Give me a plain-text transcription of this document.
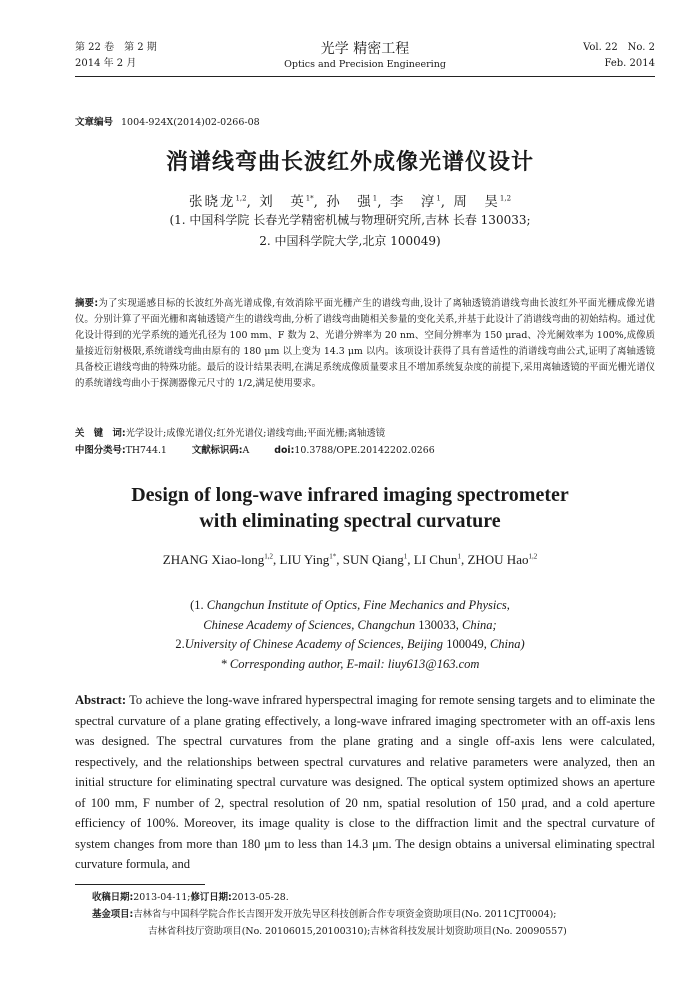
第 22 卷　第 2 期
2014 年 2 月
光学 精密工程
Optics and Precision Engineering
Vol. 22　No. 2
Feb. 2014
文章编号 1004-924X(2014)02-0266-08
消谱线弯曲长波红外成像光谱仪设计
张晓龙$^{1,2}$, 刘　英$^{1*}$, 孙　强$^1$, 李　淳$^1$, 周　昊$^{1,2}$
(1. 中国科学院 长春光学精密机械与物理研究所,吉林 长春 130033;
2. 中国科学院大学,北京 100049)
摘要:为了实现遥感目标的长波红外高光谱成像,有效消除平面光栅产生的谱线弯曲,设计了离轴透镜消谱线弯曲长波红外平面光栅成像光谱仪。分别计算了平面光栅和离轴透镜产生的谱线弯曲,分析了谱线弯曲随相关参量的变化关系,并基于此设计了消谱线弯曲的初始结构。通过优化设计得到的光学系统的通光孔径为 100 mm、F 数为 2、光谱分辨率为 20 nm、空间分辨率为 150 μrad、冷光阑效率为 100%,成像质量接近衍射极限,系统谱线弯曲由原有的 180 μm 以上变为 14.3 μm 以内。该项设计获得了具有普适性的消谱线弯曲公式,证明了离轴透镜具备校正谱线弯曲的特殊功能。最后的设计结果表明,在满足系统成像质量要求且不增加系统复杂度的前提下,采用离轴透镜的平面光栅光谱仪的系统谱线弯曲小于探测器像元尺寸的 1/2,满足使用要求。
关　键　词:光学设计;成像光谱仪;红外光谱仪;谱线弯曲;平面光栅;离轴透镜
中图分类号:TH744.1	文献标识码:A	doi:10.3788/OPE.20142202.0266
Design of long-wave infrared imaging spectrometer
with eliminating spectral curvature
ZHANG Xiao-long$^{1,2}$, LIU Ying$^{1*}$, SUN Qiang$^1$, LI Chun$^1$, ZHOU Hao$^{1,2}$
(1. Changchun Institute of Optics, Fine Mechanics and Physics,
Chinese Academy of Sciences, Changchun 130033, China;
2.University of Chinese Academy of Sciences, Beijing 100049, China)
* Corresponding author, E-mail: liuy613@163.com
Abstract: To achieve the long-wave infrared hyperspectral imaging for remote sensing targets and to eliminate the spectral curvature of a plane grating effectively, a long-wave infrared imaging spectrometer with an off-axis lens was designed. The spectral curvatures from the plane grating and a single off-axis lens were calculated, respectively, and the relationships between spectral curvatures and relative parameters were analyzed, then an initial structure for eliminating spectral curvature was designed. The optical system optimized shows an aperture of 100 mm, F number of 2, spectral resolution of 20 nm, spatial resolution of 150 μrad, and a cold aperture efficiency of 100%. Moreover, its image quality is close to the diffraction limit and the spectral curvature of system changes from more than 180 μm to less than 14.3 μm. The design obtains a universal eliminating spectral curvature formula, and
收稿日期:2013-04-11;修订日期:2013-05-28.
基金项目:吉林省与中国科学院合作长吉图开发开放先导区科技创新合作专项资金资助项目(No. 2011CJT0004);
吉林省科技厅资助项目(No. 20106015,20100310);吉林省科技发展计划资助项目(No. 20090557)
